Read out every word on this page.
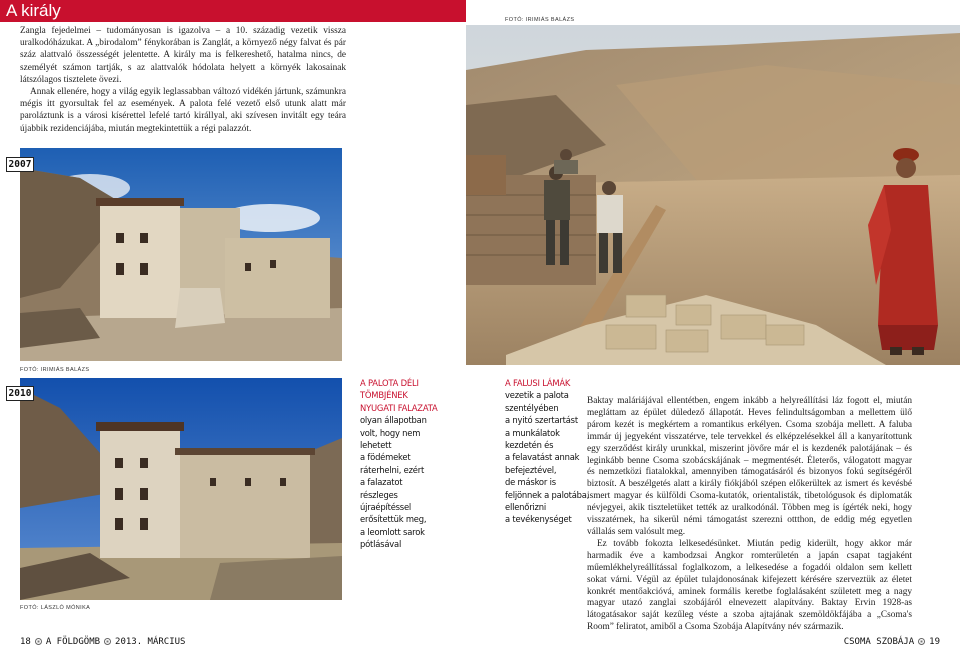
A király

Zangla fejedelmei – tudományosan is igazolva – a 10. századig vezetik vissza uralkodóházukat. A „birodalom” fénykorában is Zanglát, a környező négy falvat és pár száz alattvaló összességét jelentette. A király ma is felkereshető, hatalma nincs, de személyét számon tartják, s az alattvalók hódolata helyett a környék lakosainak látszólagos tisztelete övezi.

Annak ellenére, hogy a világ egyik leglassabban változó vidékén jártunk, számunkra mégis itt gyorsultak fel az események. A palota felé vezető első utunk alatt már paroláztunk is a városi kísérettel lefelé tartó királlyal, aki szívesen invitált egy teára újabbik rezidenciájába, miután megtekintettük a régi palazzót.

FOTÓ: IRIMIÁS BALÁZS
2007
FOTÓ: IRIMIÁS BALÁZS
2010
FOTÓ: LÁSZLÓ MÓNIKA
A PALOTA DÉLI
TÖMBJÉNEK
NYUGATI FALAZATA
olyan állapotban
volt, hogy nem
lehetett
a födémeket
ráterhelni, ezért
a falazatot
részleges
újraépítéssel
erősítettük meg,
a leomlott sarok
pótlásával
A FALUSI LÁMÁK
vezetik a palota
szentélyében
a nyitó szertartást
a munkálatok
kezdetén és
a felavatást annak
befejeztével,
de máskor is
feljönnek a palotába,
ellenőrizni
a tevékenységet

Baktay maláriájával ellentétben, engem inkább a helyreállítási láz fogott el, miután megláttam az épület düledező állapotát. Heves felindultságomban a mellettem ülő párom kezét is megkértem a romantikus erkélyen. Csoma szobája mellett. A faluba immár új jegyeként visszatérve, tele tervekkel és elképzelésekkel áll a kanyarítottunk egy szerződést király urunkkal, miszerint jövőre már el is kezdenék palotájának – és leginkább benne Csoma szobácskájának – megmentését. Életerős, válogatott magyar és nemzetközi fiatalokkal, amennyiben támogatásáról és bizonyos fokú segítségéről biztosít. A beszélgetés alatt a király fiókjából szépen előkerültek az ismert és kevésbé ismert magyar és külföldi Csoma-kutatók, orientalisták, tibetológusok és diplomaták névjegyei, akik tiszteletüket tették az uralkodónál. Többen meg is ígérték neki, hogy visszatérnek, ha sikerül némi támogatást szerezni ottthon, de eddig még egyetlen vállalás sem valósult meg.

Ez tovább fokozta lelkesedésünket. Miután pedig kiderült, hogy akkor már harmadik éve a kambodzsai Angkor romterületén a japán csapat tagjaként műemlékhelyreállítással foglalkozom, a lelkesedése a fogadói oldalon sem kellett sokat várni. Végül az épület tulajdonosának kifejezett kérésére szerveztük az életet konkrét mentőakcióvá, aminek formális keretbe foglalásaként született meg a nagy magyar utazó zanglai szobájáról elnevezett alapítvány. Baktay Ervin 1928-as látogatásakor saját kezűleg véste a szoba ajtajának szemöldökfájába a „Csoma's Room” feliratot, amiből a Csoma Szobája Alapítvány név származik.

18 A FÖLDGÖMB 2013. MÁRCIUS	CSOMA SZOBÁJA 19
